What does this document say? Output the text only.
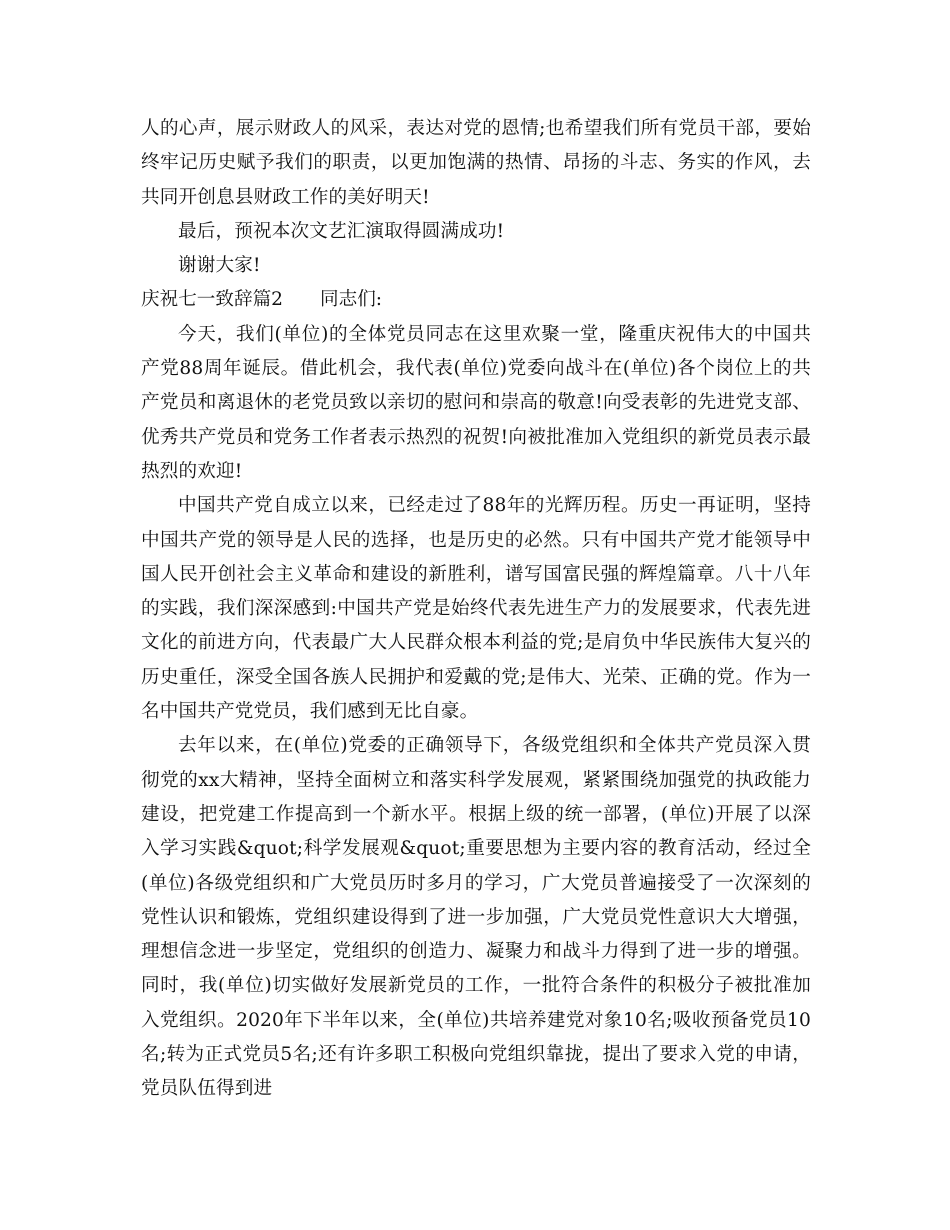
人的心声，展示财政人的风采，表达对党的恩情;也希望我们所有党员干部，要始终牢记历史赋予我们的职责，以更加饱满的热情、昂扬的斗志、务实的作风，去共同开创息县财政工作的美好明天!

最后，预祝本次文艺汇演取得圆满成功!

谢谢大家!

庆祝七一致辞篇2 同志们:

今天，我们(单位)的全体党员同志在这里欢聚一堂，隆重庆祝伟大的中国共产党88周年诞辰。借此机会，我代表(单位)党委向战斗在(单位)各个岗位上的共产党员和离退休的老党员致以亲切的慰问和崇高的敬意!向受表彰的先进党支部、优秀共产党员和党务工作者表示热烈的祝贺!向被批准加入党组织的新党员表示最热烈的欢迎!

中国共产党自成立以来，已经走过了88年的光辉历程。历史一再证明，坚持中国共产党的领导是人民的选择，也是历史的必然。只有中国共产党才能领导中国人民开创社会主义革命和建设的新胜利，谱写国富民强的辉煌篇章。八十八年的实践，我们深深感到:中国共产党是始终代表先进生产力的发展要求，代表先进文化的前进方向，代表最广大人民群众根本利益的党;是肩负中华民族伟大复兴的历史重任，深受全国各族人民拥护和爱戴的党;是伟大、光荣、正确的党。作为一名中国共产党党员，我们感到无比自豪。

去年以来，在(单位)党委的正确领导下，各级党组织和全体共产党员深入贯彻党的xx大精神，坚持全面树立和落实科学发展观，紧紧围绕加强党的执政能力建设，把党建工作提高到一个新水平。根据上级的统一部署，(单位)开展了以深入学习实践&quot;科学发展观&quot;重要思想为主要内容的教育活动，经过全(单位)各级党组织和广大党员历时多月的学习，广大党员普遍接受了一次深刻的党性认识和锻炼，党组织建设得到了进一步加强，广大党员党性意识大大增强，理想信念进一步坚定，党组织的创造力、凝聚力和战斗力得到了进一步的增强。同时，我(单位)切实做好发展新党员的工作，一批符合条件的积极分子被批准加入党组织。2020年下半年以来，全(单位)共培养建党对象10名;吸收预备党员10名;转为正式党员5名;还有许多职工积极向党组织靠拢，提出了要求入党的申请，党员队伍得到进
